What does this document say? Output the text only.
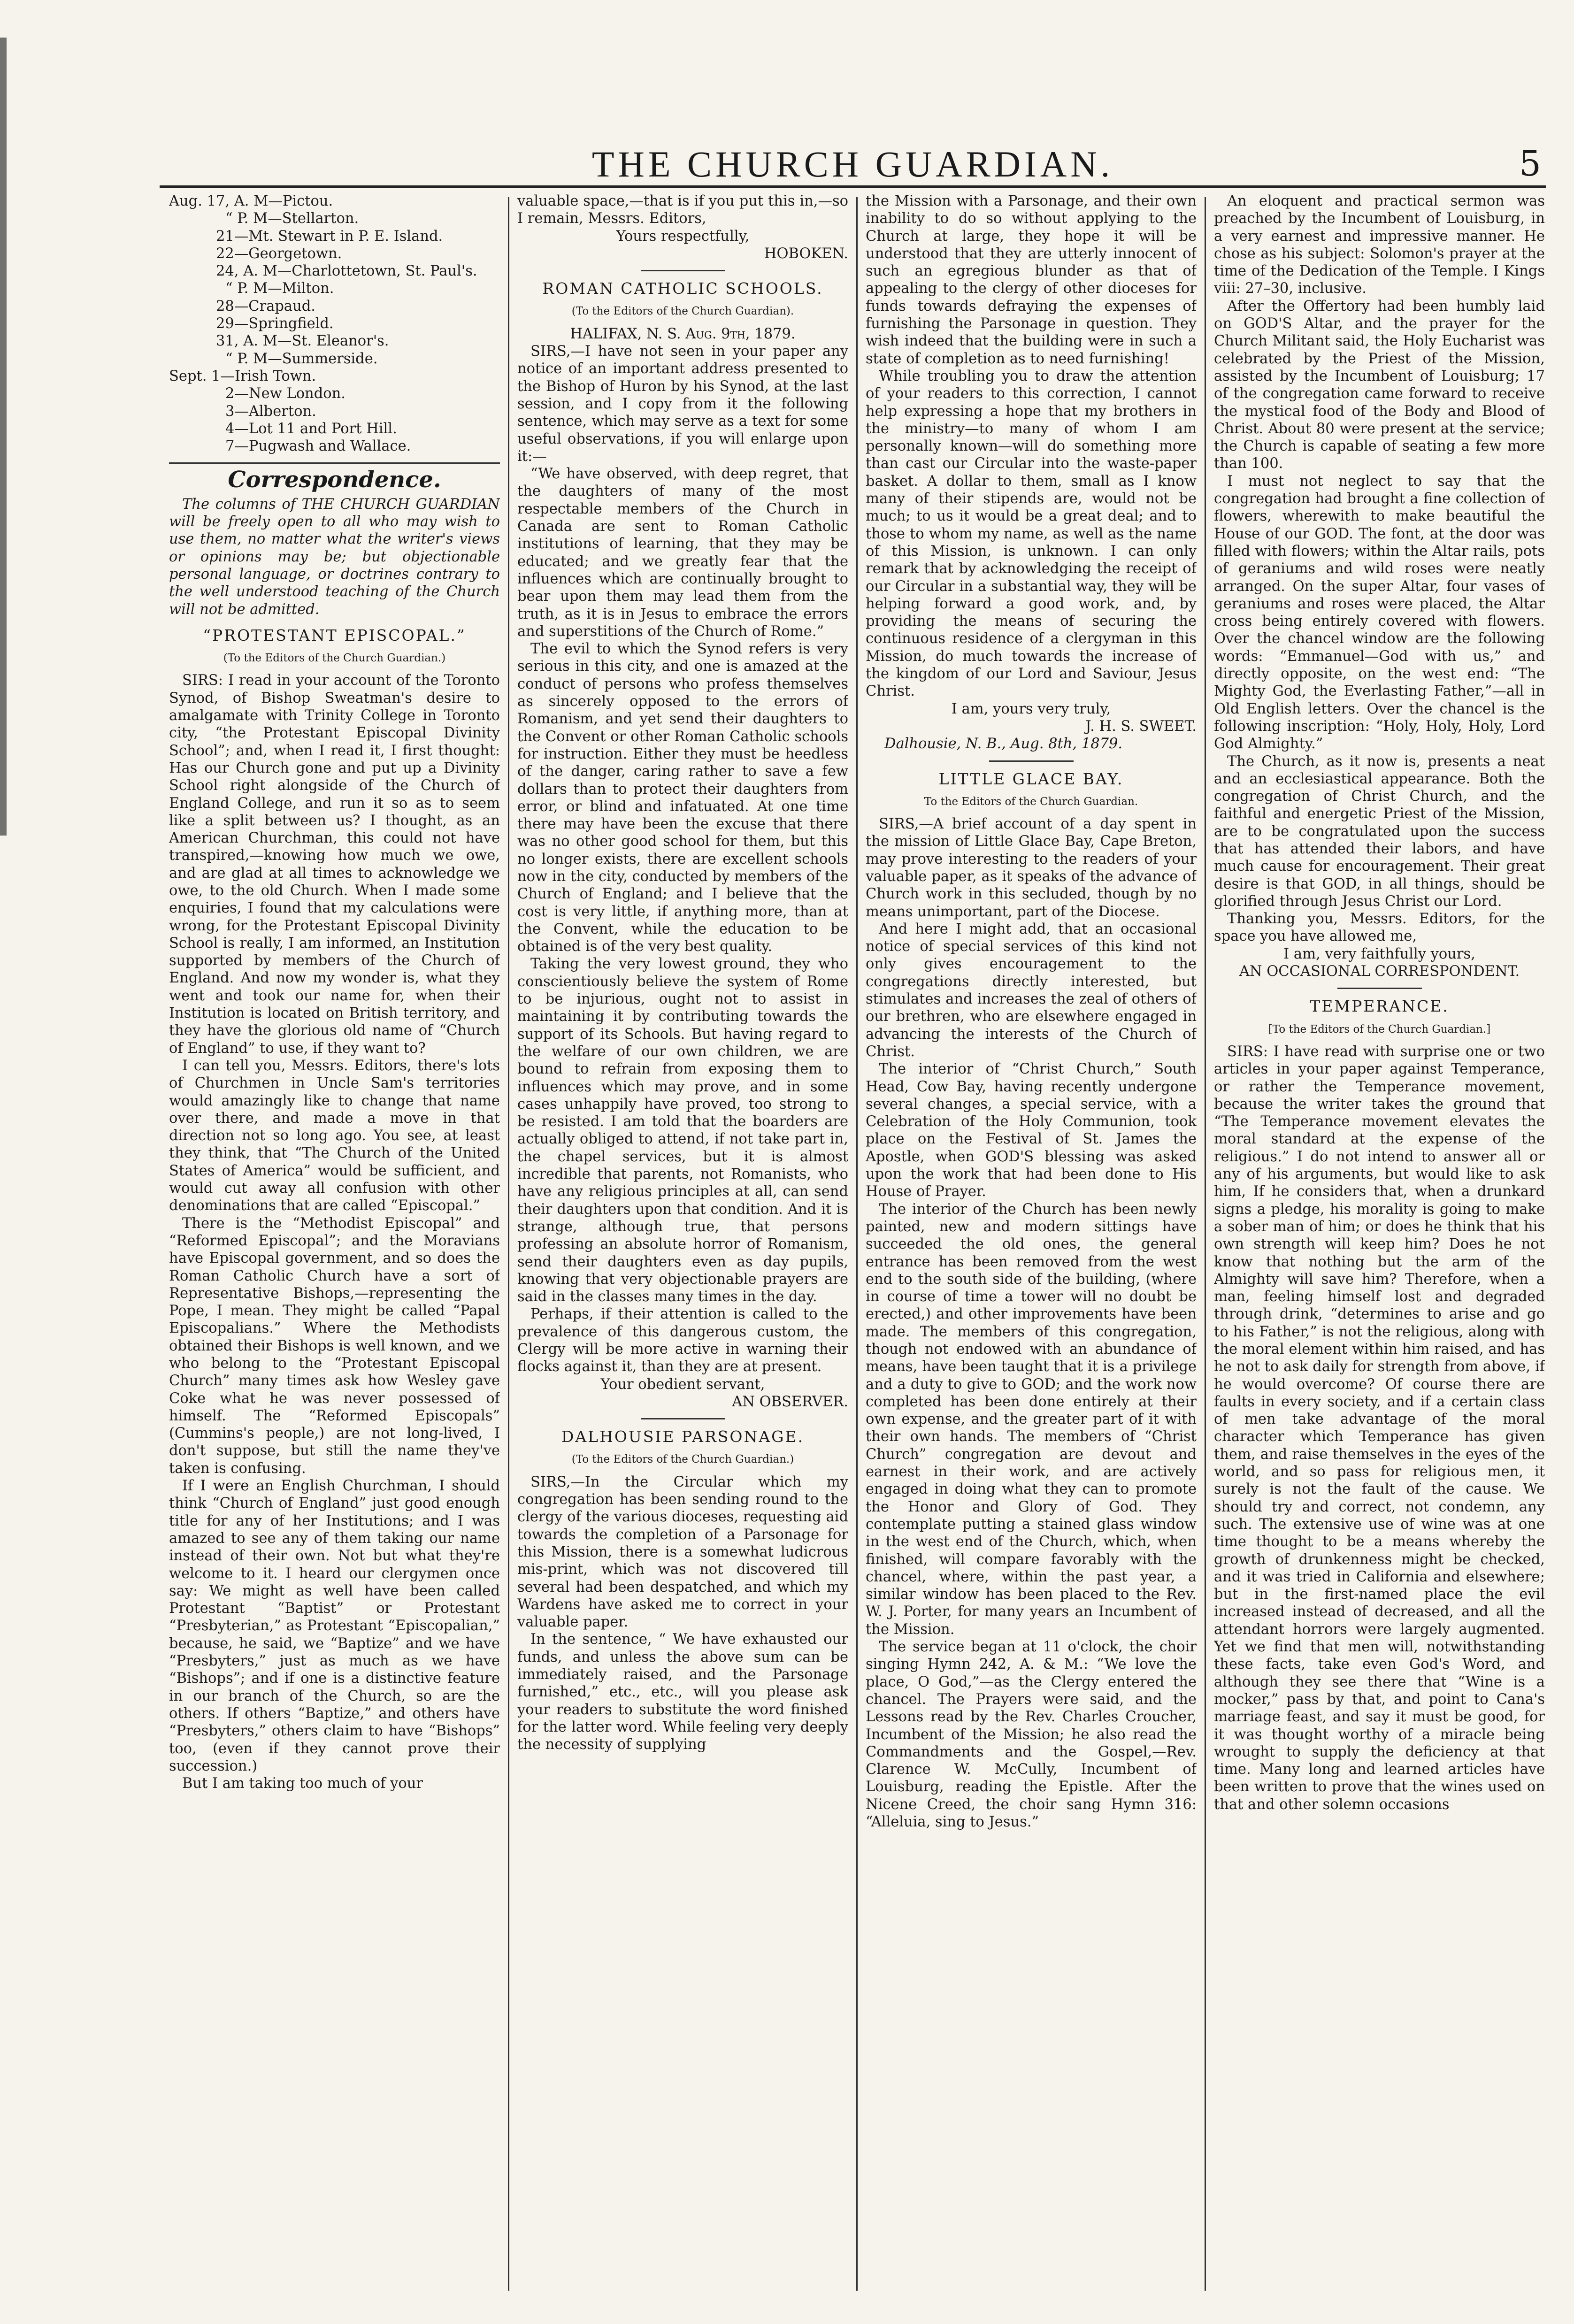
THE CHURCH GUARDIAN.	5
Aug. 17, A. M—Pictou.
“ P. M—Stellarton.
21—Mt. Stewart in P. E. Island.
22—Georgetown.
24, A. M—Charlottetown, St. Paul's.
“ P. M—Milton.
28—Crapaud.
29—Springfield.
31, A. M—St. Eleanor's.
“ P. M—Summerside.
Sept. 1—Irish Town.
2—New London.
3—Alberton.
4—Lot 11 and Port Hill.
7—Pugwash and Wallace.
Correspondence.

The columns of THE CHURCH GUARDIAN will be freely open to all who may wish to use them, no matter what the writer's views or opinions may be; but objectionable personal language, or doctrines contrary to the well understood teaching of the Church will not be admitted.

“PROTESTANT EPISCOPAL.”
(To the Editors of the Church Guardian.)

SIRS: I read in your account of the Toronto Synod, of Bishop Sweatman's desire to amalgamate with Trinity College in Toronto city, “the Protestant Episcopal Divinity School”; and, when I read it, I first thought: Has our Church gone and put up a Divinity School right alongside of the Church of England College, and run it so as to seem like a split between us? I thought, as an American Churchman, this could not have transpired,—knowing how much we owe, and are glad at all times to acknowledge we owe, to the old Church. When I made some enquiries, I found that my calculations were wrong, for the Protestant Episcopal Divinity School is really, I am informed, an Institution supported by members of the Church of England. And now my wonder is, what they went and took our name for, when their Institution is located on British territory, and they have the glorious old name of “Church of England” to use, if they want to?

I can tell you, Messrs. Editors, there's lots of Churchmen in Uncle Sam's territories would amazingly like to change that name over there, and made a move in that direction not so long ago. You see, at least they think, that “The Church of the United States of America” would be sufficient, and would cut away all confusion with other denominations that are called “Episcopal.”

There is the “Methodist Episcopal” and “Reformed Episcopal”; and the Moravians have Episcopal government, and so does the Roman Catholic Church have a sort of Representative Bishops,—representing the Pope, I mean. They might be called “Papal Episcopalians.” Where the Methodists obtained their Bishops is well known, and we who belong to the “Protestant Episcopal Church” many times ask how Wesley gave Coke what he was never possessed of himself. The “Reformed Episcopals” (Cummins's people,) are not long-lived, I don't suppose, but still the name they've taken is confusing.

If I were an English Churchman, I should think “Church of England” just good enough title for any of her Institutions; and I was amazed to see any of them taking our name instead of their own. Not but what they're welcome to it. I heard our clergymen once say: We might as well have been called Protestant “Baptist” or Protestant “Presbyterian,” as Protestant “Episcopalian,” because, he said, we “Baptize” and we have “Presbyters,” just as much as we have “Bishops”; and if one is a distinctive feature in our branch of the Church, so are the others. If others “Baptize,” and others have “Presbyters,” others claim to have “Bishops” too, (even if they cannot prove their succession.)

But I am taking too much of your

valuable space,—that is if you put this in,—so I remain, Messrs. Editors,

Yours respectfully,
HOBOKEN.
ROMAN CATHOLIC SCHOOLS.
(To the Editors of the Church Guardian).
HALIFAX, N. S. Aug. 9th, 1879.

SIRS,—I have not seen in your paper any notice of an important address presented to the Bishop of Huron by his Synod, at the last session, and I copy from it the following sentence, which may serve as a text for some useful observations, if you will enlarge upon it:—

“We have observed, with deep regret, that the daughters of many of the most respectable members of the Church in Canada are sent to Roman Catholic institutions of learning, that they may be educated; and we greatly fear that the influences which are continually brought to bear upon them may lead them from the truth, as it is in Jesus to embrace the errors and superstitions of the Church of Rome.”

The evil to which the Synod refers is very serious in this city, and one is amazed at the conduct of persons who profess themselves as sincerely opposed to the errors of Romanism, and yet send their daughters to the Convent or other Roman Catholic schools for instruction. Either they must be heedless of the danger, caring rather to save a few dollars than to protect their daughters from error, or blind and infatuated. At one time there may have been the excuse that there was no other good school for them, but this no longer exists, there are excellent schools now in the city, conducted by members of the Church of England; and I believe that the cost is very little, if anything more, than at the Convent, while the education to be obtained is of the very best quality.

Taking the very lowest ground, they who conscientiously believe the system of Rome to be injurious, ought not to assist in maintaining it by contributing towards the support of its Schools. But having regard to the welfare of our own children, we are bound to refrain from exposing them to influences which may prove, and in some cases unhappily have proved, too strong to be resisted. I am told that the boarders are actually obliged to attend, if not take part in, the chapel services, but it is almost incredible that parents, not Romanists, who have any religious principles at all, can send their daughters upon that condition. And it is strange, although true, that persons professing an absolute horror of Romanism, send their daughters even as day pupils, knowing that very objectionable prayers are said in the classes many times in the day.

Perhaps, if their attention is called to the prevalence of this dangerous custom, the Clergy will be more active in warning their flocks against it, than they are at present.

Your obedient servant,
AN OBSERVER.
DALHOUSIE PARSONAGE.
(To the Editors of the Church Guardian.)

SIRS,—In the Circular which my congregation has been sending round to the clergy of the various dioceses, requesting aid towards the completion of a Parsonage for this Mission, there is a somewhat ludicrous mis-print, which was not discovered till several had been despatched, and which my Wardens have asked me to correct in your valuable paper.

In the sentence, “ We have exhausted our funds, and unless the above sum can be immediately raised, and the Parsonage furnished,” etc., etc., will you please ask your readers to substitute the word finished for the latter word. While feeling very deeply the necessity of supplying

the Mission with a Parsonage, and their own inability to do so without applying to the Church at large, they hope it will be understood that they are utterly innocent of such an egregious blunder as that of appealing to the clergy of other dioceses for funds towards defraying the expenses of furnishing the Parsonage in question. They wish indeed that the building were in such a state of completion as to need furnishing!

While troubling you to draw the attention of your readers to this correction, I cannot help expressing a hope that my brothers in the ministry—to many of whom I am personally known—will do something more than cast our Circular into the waste-paper basket. A dollar to them, small as I know many of their stipends are, would not be much; to us it would be a great deal; and to those to whom my name, as well as the name of this Mission, is unknown. I can only remark that by acknowledging the receipt of our Circular in a substantial way, they will be helping forward a good work, and, by providing the means of securing the continuous residence of a clergyman in this Mission, do much towards the increase of the kingdom of our Lord and Saviour, Jesus Christ.

I am, yours very truly,
J. H. S. SWEET.
Dalhousie, N. B., Aug. 8th, 1879.
LITTLE GLACE BAY.
To the Editors of the Church Guardian.

SIRS,—A brief account of a day spent in the mission of Little Glace Bay, Cape Breton, may prove interesting to the readers of your valuable paper, as it speaks of the advance of Church work in this secluded, though by no means unimportant, part of the Diocese.

And here I might add, that an occasional notice of special services of this kind not only gives encouragement to the congregations directly interested, but stimulates and increases the zeal of others of our brethren, who are elsewhere engaged in advancing the interests of the Church of Christ.

The interior of “Christ Church,” South Head, Cow Bay, having recently undergone several changes, a special service, with a Celebration of the Holy Communion, took place on the Festival of St. James the Apostle, when GOD'S blessing was asked upon the work that had been done to His House of Prayer.

The interior of the Church has been newly painted, new and modern sittings have succeeded the old ones, the general entrance has been removed from the west end to the south side of the building, (where in course of time a tower will no doubt be erected,) and other improvements have been made. The members of this congregation, though not endowed with an abundance of means, have been taught that it is a privilege and a duty to give to GOD; and the work now completed has been done entirely at their own expense, and the greater part of it with their own hands. The members of “Christ Church” congregation are devout and earnest in their work, and are actively engaged in doing what they can to promote the Honor and Glory of God. They contemplate putting a stained glass window in the west end of the Church, which, when finished, will compare favorably with the chancel, where, within the past year, a similar window has been placed to the Rev. W. J. Porter, for many years an Incumbent of the Mission.

The service began at 11 o'clock, the choir singing Hymn 242, A. & M.: “We love the place, O God,”—as the Clergy entered the chancel. The Prayers were said, and the Lessons read by the Rev. Charles Croucher, Incumbent of the Mission; he also read the Commandments and the Gospel,—Rev. Clarence W. McCully, Incumbent of Louisburg, reading the Epistle. After the Nicene Creed, the choir sang Hymn 316: “Alleluia, sing to Jesus.”

An eloquent and practical sermon was preached by the Incumbent of Louisburg, in a very earnest and impressive manner. He chose as his subject: Solomon's prayer at the time of the Dedication of the Temple. I Kings viii: 27–30, inclusive.

After the Offertory had been humbly laid on GOD'S Altar, and the prayer for the Church Militant said, the Holy Eucharist was celebrated by the Priest of the Mission, assisted by the Incumbent of Louisburg; 17 of the congregation came forward to receive the mystical food of the Body and Blood of Christ. About 80 were present at the service; the Church is capable of seating a few more than 100.

I must not neglect to say that the congregation had brought a fine collection of flowers, wherewith to make beautiful the House of our GOD. The font, at the door was filled with flowers; within the Altar rails, pots of geraniums and wild roses were neatly arranged. On the super Altar, four vases of geraniums and roses were placed, the Altar cross being entirely covered with flowers. Over the chancel window are the following words: “Emmanuel—God with us,” and directly opposite, on the west end: “The Mighty God, the Everlasting Father,”—all in Old English letters. Over the chancel is the following inscription: “Holy, Holy, Holy, Lord God Almighty.”

The Church, as it now is, presents a neat and an ecclesiastical appearance. Both the congregation of Christ Church, and the faithful and energetic Priest of the Mission, are to be congratulated upon the success that has attended their labors, and have much cause for encouragement. Their great desire is that GOD, in all things, should be glorified through Jesus Christ our Lord.

Thanking you, Messrs. Editors, for the space you have allowed me,

I am, very faithfully yours,
AN OCCASIONAL CORRESPONDENT.
TEMPERANCE.
[To the Editors of the Church Guardian.]

SIRS: I have read with surprise one or two articles in your paper against Temperance, or rather the Temperance movement, because the writer takes the ground that “The Temperance movement elevates the moral standard at the expense of the religious.” I do not intend to answer all or any of his arguments, but would like to ask him, If he considers that, when a drunkard signs a pledge, his morality is going to make a sober man of him; or does he think that his own strength will keep him? Does he not know that nothing but the arm of the Almighty will save him? Therefore, when a man, feeling himself lost and degraded through drink, “determines to arise and go to his Father,” is not the religious, along with the moral element within him raised, and has he not to ask daily for strength from above, if he would overcome? Of course there are faults in every society, and if a certain class of men take advantage of the moral character which Temperance has given them, and raise themselves in the eyes of the world, and so pass for religious men, it surely is not the fault of the cause. We should try and correct, not condemn, any such. The extensive use of wine was at one time thought to be a means whereby the growth of drunkenness might be checked, and it was tried in California and elsewhere; but in the first-named place the evil increased instead of decreased, and all the attendant horrors were largely augmented. Yet we find that men will, notwithstanding these facts, take even God's Word, and although they see there that “Wine is a mocker,” pass by that, and point to Cana's marriage feast, and say it must be good, for it was thought worthy of a miracle being wrought to supply the deficiency at that time. Many long and learned articles have been written to prove that the wines used on that and other solemn occasions
